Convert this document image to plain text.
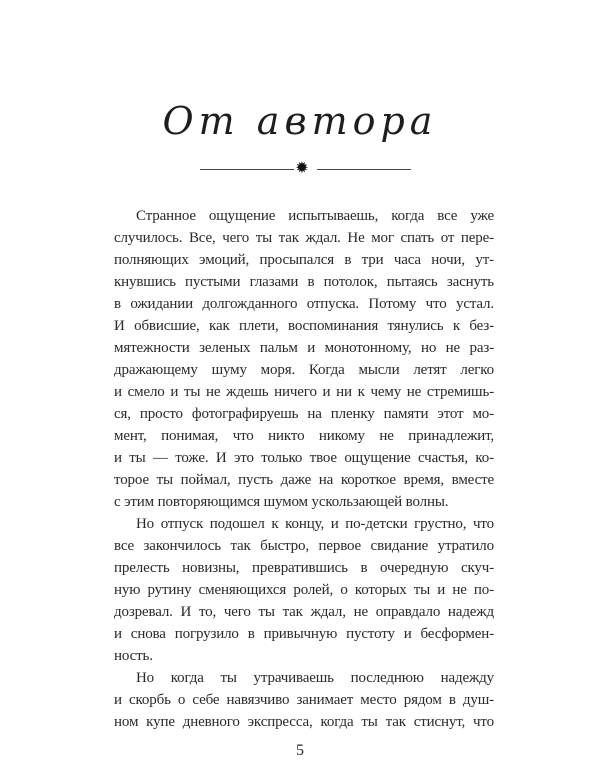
От автора
✹
Странное ощущение испытываешь, когда все уже
случилось. Все, чего ты так ждал. Не мог спать от пере-
полняющих эмоций, просыпался в три часа ночи, ут-
кнувшись пустыми глазами в потолок, пытаясь заснуть
в ожидании долгожданного отпуска. Потому что устал.
И обвисшие, как плети, воспоминания тянулись к без-
мятежности зеленых пальм и монотонному, но не раз-
дражающему шуму моря. Когда мысли летят легко
и смело и ты не ждешь ничего и ни к чему не стремишь-
ся, просто фотографируешь на пленку памяти этот мо-
мент, понимая, что никто никому не принадлежит,
и ты — тоже. И это только твое ощущение счастья, ко-
торое ты поймал, пусть даже на короткое время, вместе
с этим повторяющимся шумом ускользающей волны.
Но отпуск подошел к концу, и по-детски грустно, что
все закончилось так быстро, первое свидание утратило
прелесть новизны, превратившись в очередную скуч-
ную рутину сменяющихся ролей, о которых ты и не по-
дозревал. И то, чего ты так ждал, не оправдало надежд
и снова погрузило в привычную пустоту и бесформен-
ность.
Но когда ты утрачиваешь последнюю надежду
и скорбь о себе навязчиво занимает место рядом в душ-
ном купе дневного экспресса, когда ты так стиснут, что
5
